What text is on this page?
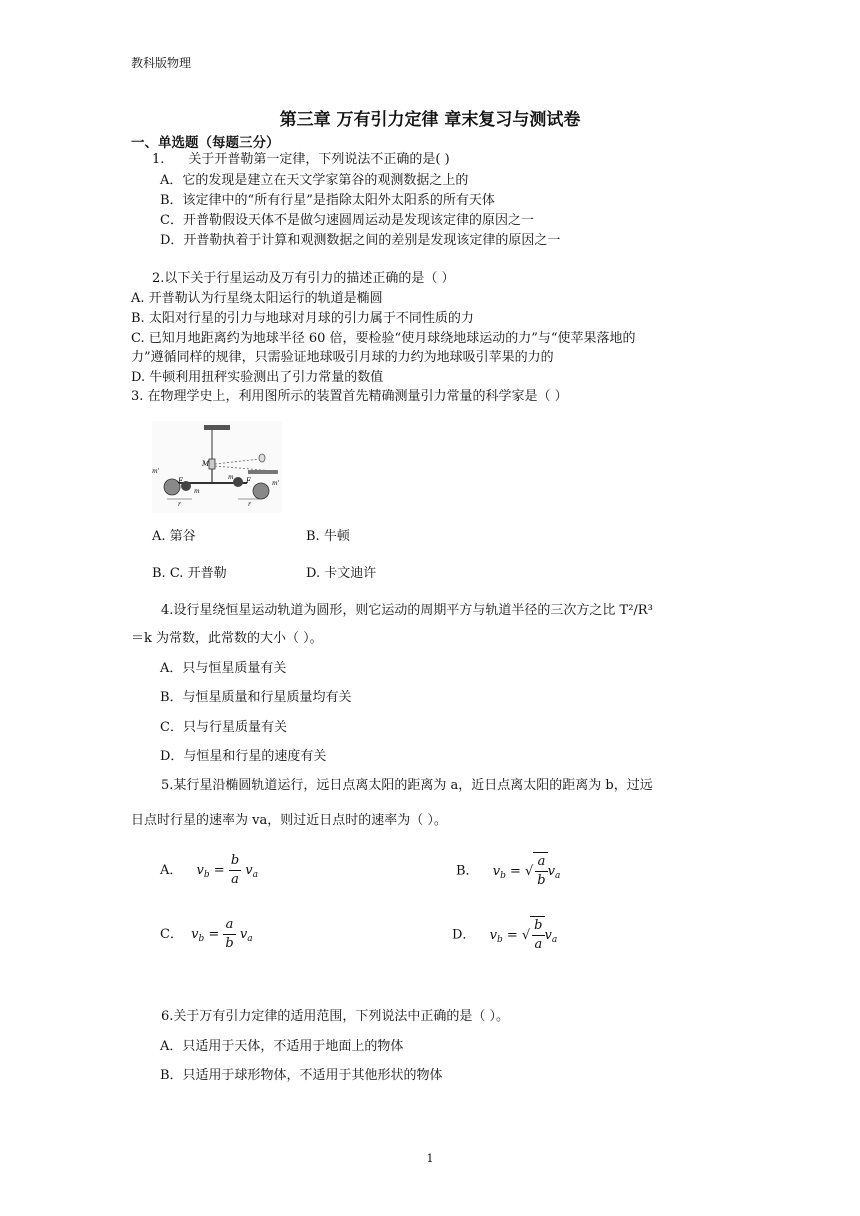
教科版物理
第三章 万有引力定律 章末复习与测试卷
一、单选题（每题三分）
1. 关于开普勒第一定律，下列说法不正确的是( )
A．它的发现是建立在天文学家第谷的观测数据之上的
B．该定律中的“所有行星”是指除太阳外太阳系的所有天体
C．开普勒假设天体不是做匀速圆周运动是发现该定律的原因之一
D．开普勒执着于计算和观测数据之间的差别是发现该定律的原因之一
2.以下关于行星运动及万有引力的描述正确的是（ ）
A. 开普勒认为行星绕太阳运行的轨道是椭圆
B. 太阳对行星的引力与地球对月球的引力属于不同性质的力
C. 已知月地距离约为地球半径 60 倍，要检验“使月球绕地球运动的力”与“使苹果落地的
力”遵循同样的规律，只需验证地球吸引月球的力约为地球吸引苹果的力的
D. 牛顿利用扭秤实验测出了引力常量的数值
3. 在物理学史上，利用图所示的装置首先精确测量引力常量的科学家是（ ）
M
m'
F
m
m F	m'
r	r
A. 第谷	B. 牛顿
B. C. 开普勒	D. 卡文迪许
4.设行星绕恒星运动轨道为圆形，则它运动的周期平方与轨道半径的三次方之比 T²/R³
＝k 为常数，此常数的大小（ ）。
A．只与恒星质量有关
B．与恒星质量和行星质量均有关
C．只与行星质量有关
D．与恒星和行星的速度有关
5.某行星沿椭圆轨道运行，远日点离太阳的距离为 a，近日点离太阳的距离为 b，过远
日点时行星的速率为 va，则过近日点时的速率为（ ）。
A． $v_b = \frac{b}{a} v_a$	B． $v_b$ = √ $\frac{a}{b} v_a$
C． $v_b = \frac{a}{b} v_a$	D． $v_b$ = √ $\frac{b}{a} v_a$
6.关于万有引力定律的适用范围，下列说法中正确的是（ ）。
A．只适用于天体，不适用于地面上的物体
B．只适用于球形物体，不适用于其他形状的物体
1
